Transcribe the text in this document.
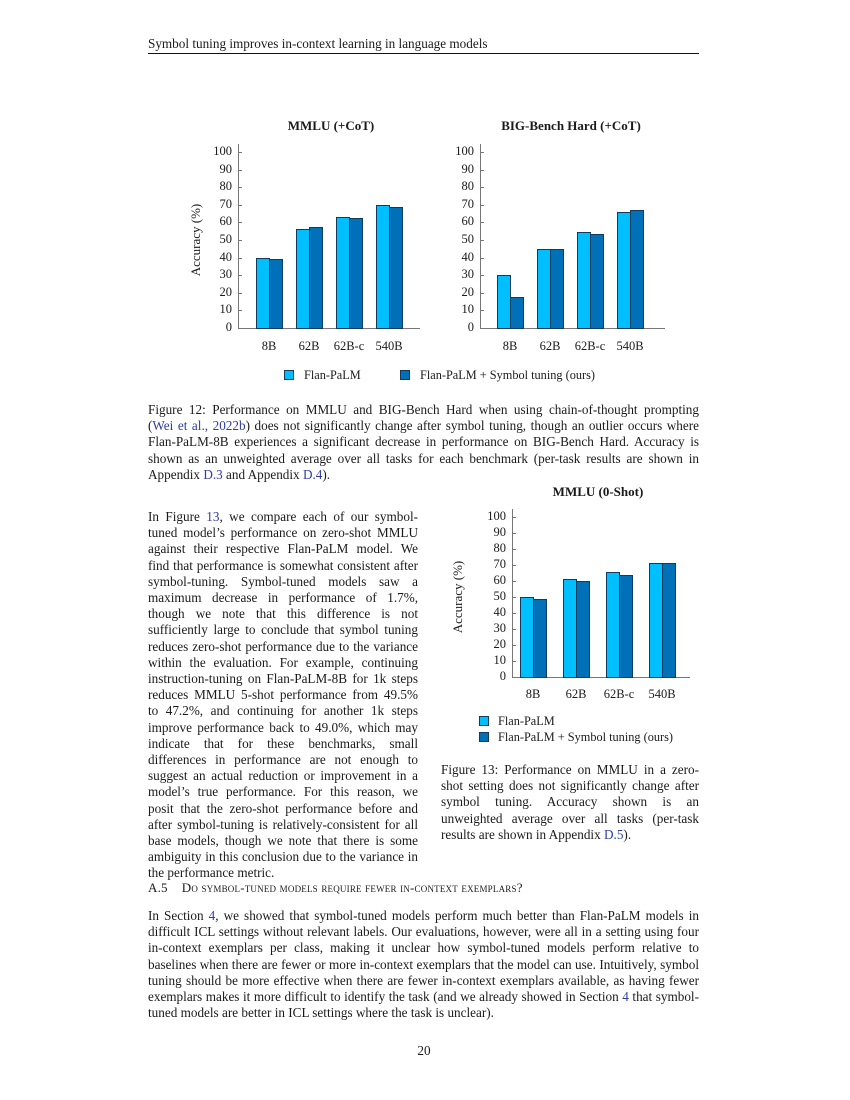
Symbol tuning improves in-context learning in language models
MMLU (+CoT)
0
10
20
30
40
50
60
70
80
90
100
Accuracy (%)
8B	62B	62B-c 540B
BIG-Bench Hard (+CoT)
0
10
20
30
40
50
60
70
80
90
100
8B	62B	62B-c 540B
MMLU (0-Shot)
0
10
20
30
40
50
60
70
80
90
100
Accuracy (%)
8B	62B	62B-c	540B
Flan-PaLM	Flan-PaLM + Symbol tuning (ours)
Figure 12: Performance on MMLU and BIG-Bench Hard when using chain-of-thought prompting
(Wei et al., 2022b) does not significantly change after symbol tuning, though an outlier occurs where
Flan-PaLM-8B experiences a significant decrease in performance on BIG-Bench Hard. Accuracy is
shown as an unweighted average over all tasks for each benchmark (per-task results are shown in
Appendix D.3 and Appendix D.4).
In Figure 13, we compare each of our symbol-tuned model’s performance on zero-shot MMLU against their respective Flan-PaLM model. We find that performance is somewhat consistent after symbol-tuning. Symbol-tuned models saw a maximum decrease in performance of 1.7%, though we note that this difference is not sufficiently large to conclude that symbol tuning reduces zero-shot performance due to the variance within the evaluation. For example, continuing instruction-tuning on Flan-PaLM-8B for 1k steps reduces MMLU 5-shot performance from 49.5% to 47.2%, and continuing for another 1k steps improve performance back to 49.0%, which may indicate that for these benchmarks, small differences in performance are not enough to suggest an actual reduction or improvement in a model’s true performance. For this reason, we posit that the zero-shot performance before and after symbol-tuning is relatively-consistent for all base models, though we note that there is some ambiguity in this conclusion due to the variance in the performance metric.
Flan-PaLM
Flan-PaLM + Symbol tuning (ours)
Figure 13: Performance on MMLU in a zero-shot setting does not significantly change after symbol tuning. Accuracy shown is an unweighted average over all tasks (per-task results are shown in Appendix D.5).
A.5 Do symbol-tuned models require fewer in-context exemplars?
In Section 4, we showed that symbol-tuned models perform much better than Flan-PaLM models in difficult ICL settings without relevant labels. Our evaluations, however, were all in a setting using four in-context exemplars per class, making it unclear how symbol-tuned models perform relative to baselines when there are fewer or more in-context exemplars that the model can use. Intuitively, symbol tuning should be more effective when there are fewer in-context exemplars available, as having fewer exemplars makes it more difficult to identify the task (and we already showed in Section 4 that symbol-tuned models are better in ICL settings where the task is unclear).
20
